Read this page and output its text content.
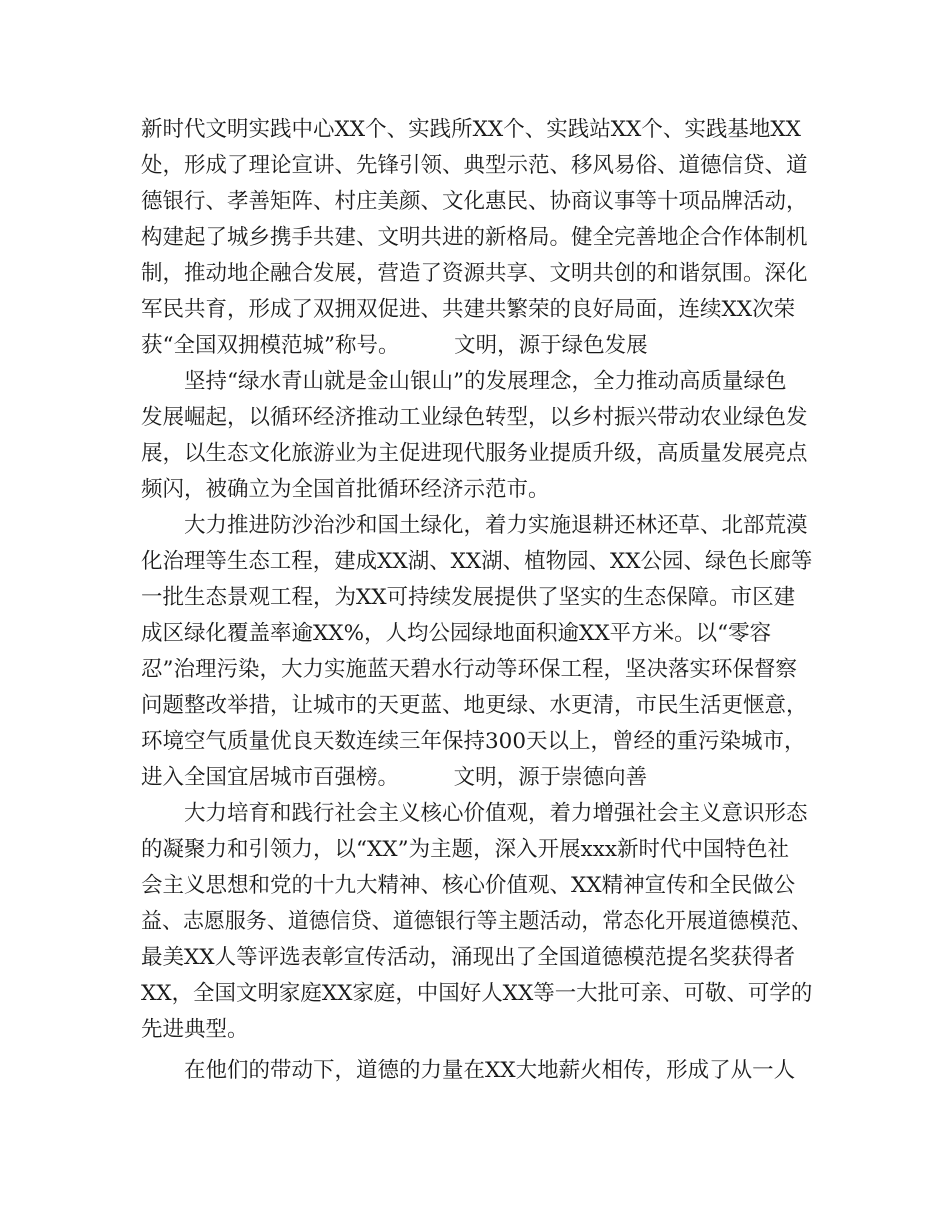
新时代文明实践中心XX个、实践所XX个、实践站XX个、实践基地XX
处，形成了理论宣讲、先锋引领、典型示范、移风易俗、道德信贷、道
德银行、孝善矩阵、村庄美颜、文化惠民、协商议事等十项品牌活动，
构建起了城乡携手共建、文明共进的新格局。健全完善地企合作体制机
制，推动地企融合发展，营造了资源共享、文明共创的和谐氛围。深化
军民共育，形成了双拥双促进、共建共繁荣的良好局面，连续XX次荣
获“全国双拥模范城”称号。        文明，源于绿色发展
坚持“绿水青山就是金山银山”的发展理念，全力推动高质量绿色
发展崛起，以循环经济推动工业绿色转型，以乡村振兴带动农业绿色发
展，以生态文化旅游业为主促进现代服务业提质升级，高质量发展亮点
频闪，被确立为全国首批循环经济示范市。
大力推进防沙治沙和国土绿化，着力实施退耕还林还草、北部荒漠
化治理等生态工程，建成XX湖、XX湖、植物园、XX公园、绿色长廊等
一批生态景观工程，为XX可持续发展提供了坚实的生态保障。市区建
成区绿化覆盖率逾XX%，人均公园绿地面积逾XX平方米。以“零容
忍”治理污染，大力实施蓝天碧水行动等环保工程，坚决落实环保督察
问题整改举措，让城市的天更蓝、地更绿、水更清，市民生活更惬意，
环境空气质量优良天数连续三年保持300天以上，曾经的重污染城市，
进入全国宜居城市百强榜。        文明，源于崇德向善
大力培育和践行社会主义核心价值观，着力增强社会主义意识形态
的凝聚力和引领力，以“XX”为主题，深入开展xxx新时代中国特色社
会主义思想和党的十九大精神、核心价值观、XX精神宣传和全民做公
益、志愿服务、道德信贷、道德银行等主题活动，常态化开展道德模范、
最美XX人等评选表彰宣传活动，涌现出了全国道德模范提名奖获得者
XX，全国文明家庭XX家庭，中国好人XX等一大批可亲、可敬、可学的
先进典型。
在他们的带动下，道德的力量在XX大地薪火相传，形成了从一人
